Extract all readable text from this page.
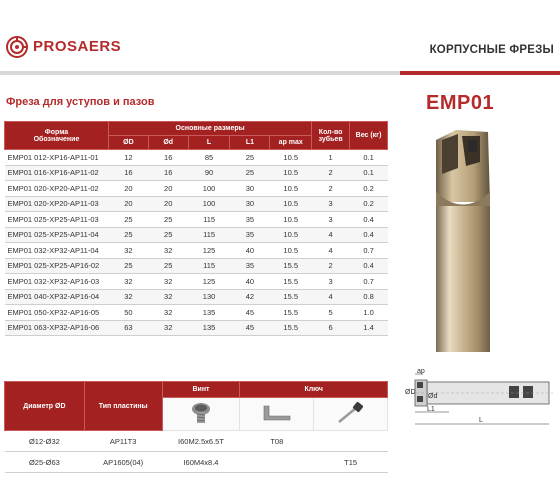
PROSAERS	КОРПУСНЫЕ ФРЕЗЫ
Фреза для уступов и пазов	EMP01
Форма
Обозначение	Основные размеры					Кол-во
зубьев	Вес (кг)
	ØD	Ød	L	L1	ap max		
EMP01 012-XP16-AP11-01	12	16	85	25	10.5	1	0.1
EMP01 016-XP16-AP11-02	16	16	90	25	10.5	2	0.1
EMP01 020-XP20-AP11-02	20	20	100	30	10.5	2	0.2
EMP01 020-XP20-AP11-03	20	20	100	30	10.5	3	0.2
EMP01 025-XP25-AP11-03	25	25	115	35	10.5	3	0.4
EMP01 025-XP25-AP11-04	25	25	115	35	10.5	4	0.4
EMP01 032-XP32-AP11-04	32	32	125	40	10.5	4	0.7
EMP01 025-XP25-AP16-02	25	25	115	35	15.5	2	0.4
EMP01 032-XP32-AP16-03	32	32	125	40	15.5	3	0.7
EMP01 040-XP32-AP16-04	32	32	130	42	15.5	4	0.8
EMP01 050-XP32-AP16-05	50	32	135	45	15.5	5	1.0
EMP01 063-XP32-AP16-06	63	32	135	45	15.5	6	1.4
Диаметр ØD	Тип пластины	Винт	Ключ	

Ø12-Ø32	AP11T3	I60M2.5x6.5T	T08	
Ø25-Ø63	AP1605(04)	I60M4x8.4		T15
ap
ØD
Ød
L1
L
